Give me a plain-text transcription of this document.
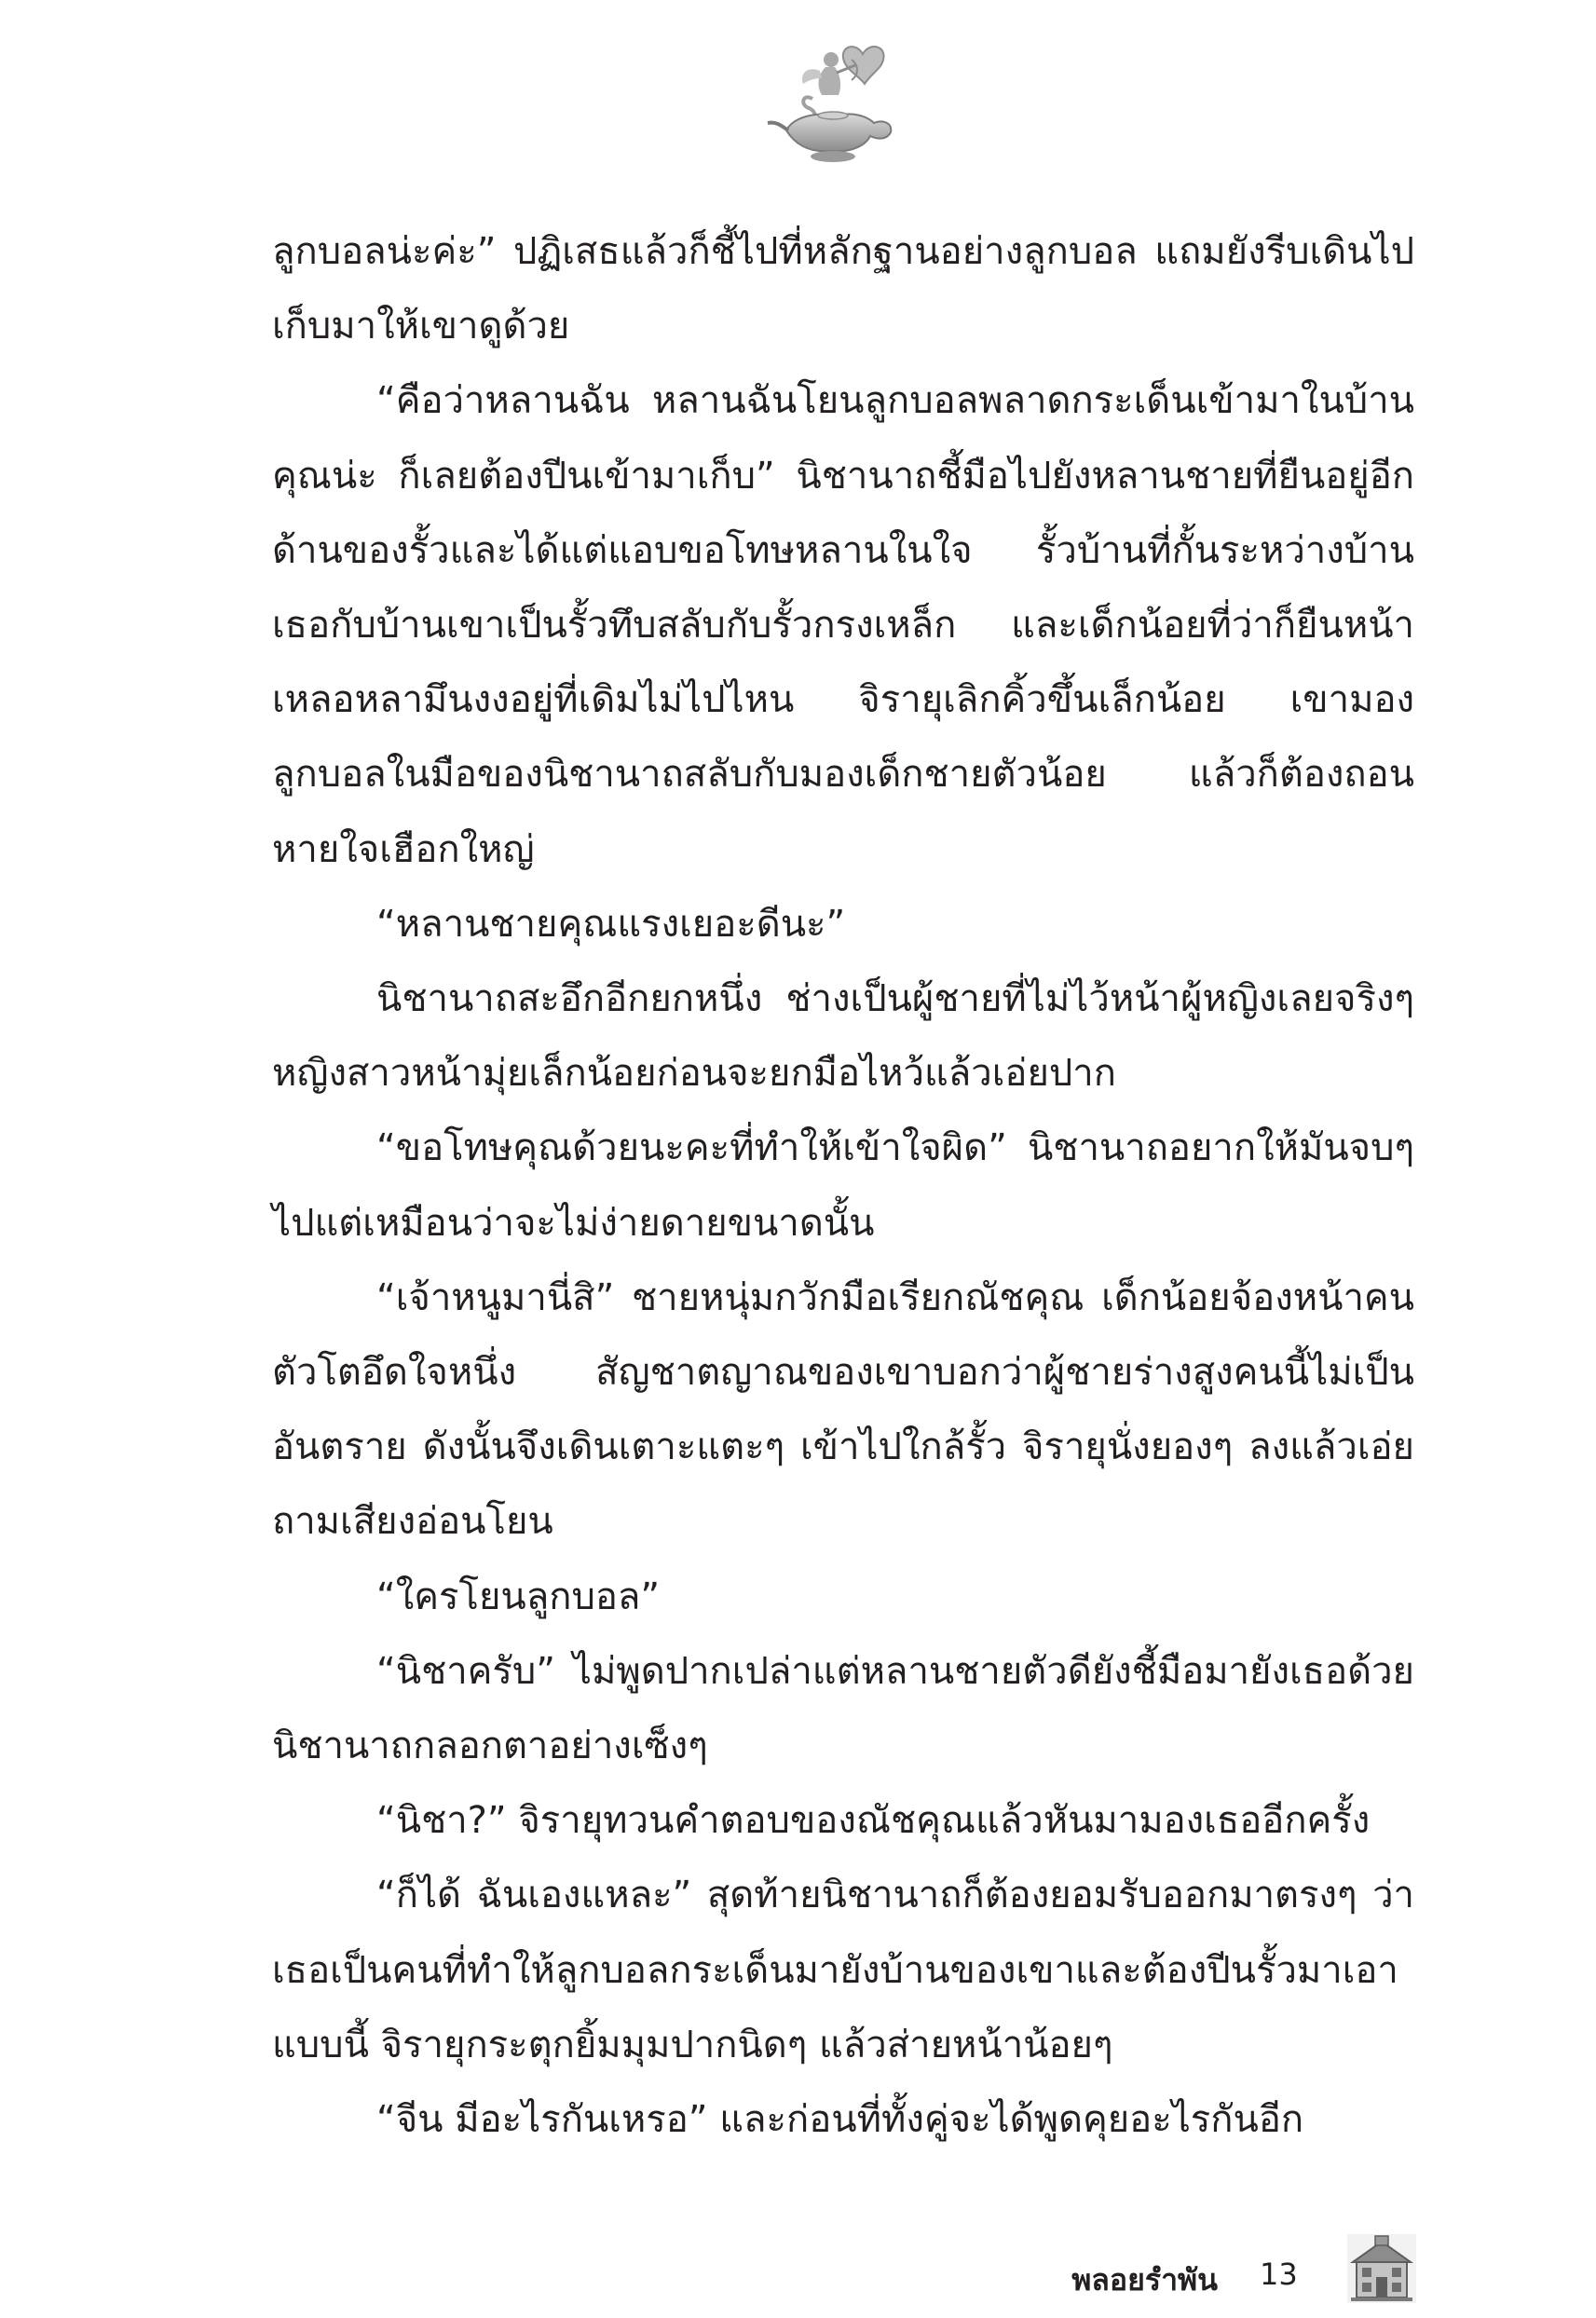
ลูกบอลน่ะค่ะ” ปฏิเสธแล้วก็ชี้ไปที่หลักฐานอย่างลูกบอล แถมยังรีบเดินไปเก็บมาให้เขาดูด้วย

“คือว่าหลานฉัน หลานฉันโยนลูกบอลพลาดกระเด็นเข้ามาในบ้านคุณน่ะ ก็เลยต้องปีนเข้ามาเก็บ” นิชานาถชี้มือไปยังหลานชายที่ยืนอยู่อีกด้านของรั้วและได้แต่แอบขอโทษหลานในใจ รั้วบ้านที่กั้นระหว่างบ้านเธอกับบ้านเขาเป็นรั้วทึบสลับกับรั้วกรงเหล็ก และเด็กน้อยที่ว่าก็ยืนหน้าเหลอหลามึนงงอยู่ที่เดิมไม่ไปไหน จิรายุเลิกคิ้วขึ้นเล็กน้อย เขามองลูกบอลในมือของนิชานาถสลับกับมองเด็กชายตัวน้อย แล้วก็ต้องถอนหายใจเฮือกใหญ่

“หลานชายคุณแรงเยอะดีนะ”

นิชานาถสะอึกอีกยกหนึ่ง ช่างเป็นผู้ชายที่ไม่ไว้หน้าผู้หญิงเลยจริงๆ หญิงสาวหน้ามุ่ยเล็กน้อยก่อนจะยกมือไหว้แล้วเอ่ยปาก

“ขอโทษคุณด้วยนะคะที่ทำให้เข้าใจผิด” นิชานาถอยากให้มันจบๆ ไปแต่เหมือนว่าจะไม่ง่ายดายขนาดนั้น

“เจ้าหนูมานี่สิ” ชายหนุ่มกวักมือเรียกณัชคุณ เด็กน้อยจ้องหน้าคนตัวโตอึดใจหนึ่ง สัญชาตญาณของเขาบอกว่าผู้ชายร่างสูงคนนี้ไม่เป็นอันตราย ดังนั้นจึงเดินเตาะแตะๆ เข้าไปใกล้รั้ว จิรายุนั่งยองๆ ลงแล้วเอ่ยถามเสียงอ่อนโยน

“ใครโยนลูกบอล”

“นิชาครับ” ไม่พูดปากเปล่าแต่หลานชายตัวดียังชี้มือมายังเธอด้วย นิชานาถกลอกตาอย่างเซ็งๆ

“นิชา?” จิรายุทวนคำตอบของณัชคุณแล้วหันมามองเธออีกครั้ง

“ก็ได้ ฉันเองแหละ” สุดท้ายนิชานาถก็ต้องยอมรับออกมาตรงๆ ว่าเธอเป็นคนที่ทำให้ลูกบอลกระเด็นมายังบ้านของเขาและต้องปีนรั้วมาเอาแบบนี้ จิรายุกระตุกยิ้มมุมปากนิดๆ แล้วส่ายหน้าน้อยๆ

“จีน มีอะไรกันเหรอ” และก่อนที่ทั้งคู่จะได้พูดคุยอะไรกันอีก

พลอยรำพัน 13
